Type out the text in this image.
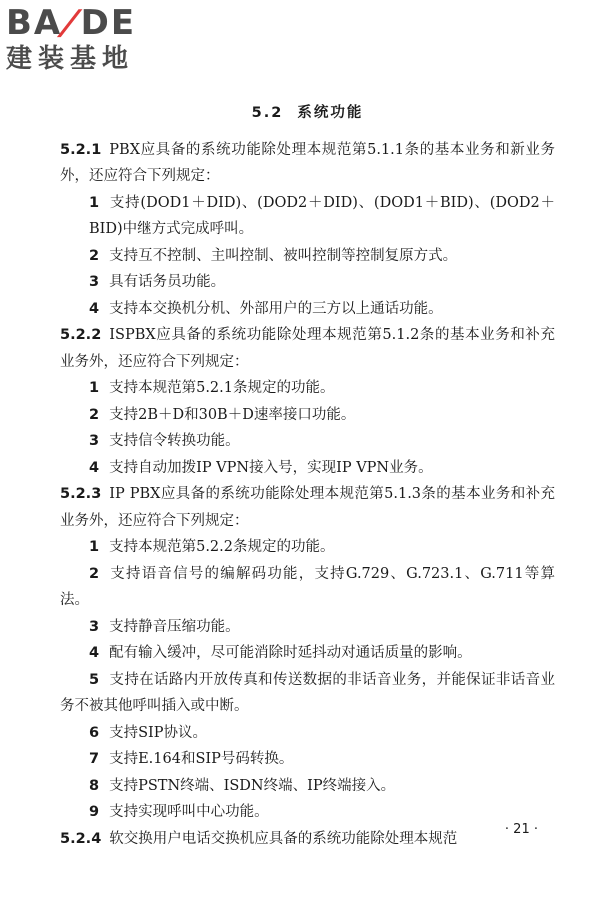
BA
/
DE
建装基地
5.2 系统功能
5.2.1 PBX应具备的系统功能除处理本规范第5.1.1条的基本业务和新业务外，还应符合下列规定：
1 支持(DOD1＋DID)、(DOD2＋DID)、(DOD1＋BID)、(DOD2＋BID)中继方式完成呼叫。
2 支持互不控制、主叫控制、被叫控制等控制复原方式。
3 具有话务员功能。
4 支持本交换机分机、外部用户的三方以上通话功能。
5.2.2 ISPBX应具备的系统功能除处理本规范第5.1.2条的基本业务和补充业务外，还应符合下列规定：
1 支持本规范第5.2.1条规定的功能。
2 支持2B＋D和30B＋D速率接口功能。
3 支持信令转换功能。
4 支持自动加拨IP VPN接入号，实现IP VPN业务。
5.2.3 IP PBX应具备的系统功能除处理本规范第5.1.3条的基本业务和补充业务外，还应符合下列规定：
1 支持本规范第5.2.2条规定的功能。
2 支持语音信号的编解码功能，支持G.729、G.723.1、G.711等算法。
3 支持静音压缩功能。
4 配有输入缓冲，尽可能消除时延抖动对通话质量的影响。
5 支持在话路内开放传真和传送数据的非话音业务，并能保证非话音业务不被其他呼叫插入或中断。
6 支持SIP协议。
7 支持E.164和SIP号码转换。
8 支持PSTN终端、ISDN终端、IP终端接入。
9 支持实现呼叫中心功能。
5.2.4 软交换用户电话交换机应具备的系统功能除处理本规范
· 21 ·
